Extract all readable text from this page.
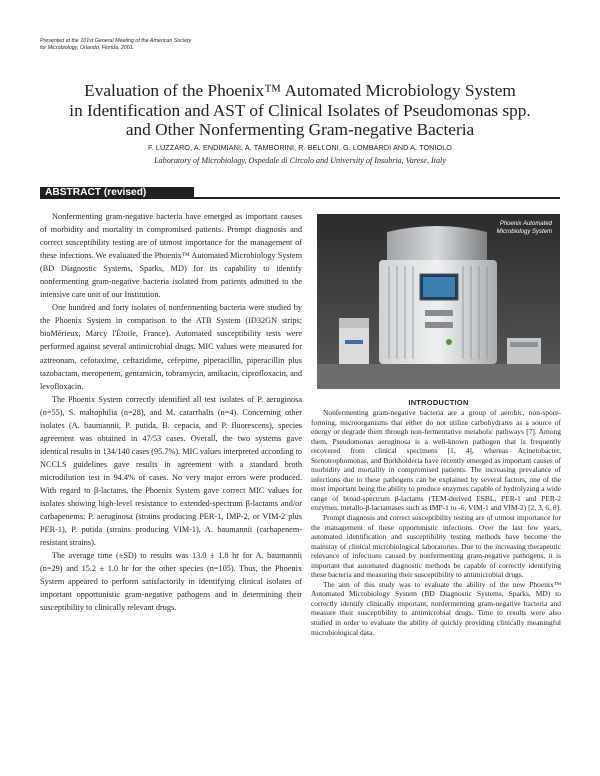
Presented at the 101st General Meeting of the American Society
for Microbiology, Orlando, Florida, 2001.
Evaluation of the Phoenix™ Automated Microbiology System
in Identification and AST of Clinical Isolates of Pseudomonas spp.
and Other Nonfermenting Gram-negative Bacteria
F. LUZZARO, A. ENDIMIANI, A. TAMBORINI, R. BELLONI, G. LOMBARDI AND A. TONIOLO
Laboratory of Microbiology, Ospedale di Circolo and University of Insubria, Varese, Italy
ABSTRACT (revised)

Nonfermenting gram-negative bacteria have emerged as important causes of morbidity and mortality in compromised patients. Prompt diagnosis and correct susceptibility testing are of utmost importance for the management of these infections. We evaluated the Phoenix™ Automated Microbiology System (BD Diagnostic Systems, Sparks, MD) for its capability to identify nonfermenting gram-negative bacteria isolated from patients admitted to the intensive care unit of our Institution.

One hundred and forty isolates of nonfermenting bacteria were studied by the Phoenix System in comparison to the ATB System (ID32GN strips; bioMérieux, Marcy l'Étoile, France). Automated susceptibility tests were performed against several antimicrobial drugs. MIC values were measured for aztreonam, cefotaxime, ceftazidime, cefepime, piperacillin, piperacillin plus tazobactam, meropenem, gentamicin, tobramycin, amikacin, ciprofloxacin, and levofloxacin.

The Phoenix System correctly identified all test isolates of P. aeruginosa (n=55), S. maltophilia (n=28), and M. catarrhalis (n=4). Concerning other isolates (A. baumannii, P. putida, B. cepacia, and P. fluorescens), species agreement was obtained in 47/53 cases. Overall, the two systems gave identical results in 134/140 cases (95.7%). MIC values interpreted according to NCCLS guidelines gave results in agreement with a standard broth microdilution test in 94.4% of cases. No very major errors were produced. With regard to β-lactams, the Phoenix System gave correct MIC values for isolates showing high-level resistance to extended-spectrum β-lactams and/or carbapenems: P. aeruginosa (strains producing PER-1, IMP-2, or VIM-2 plus PER-1), P. putida (strains producing VIM-1), A. baumannii (carbapenem-resistant strains).

The average time (±SD) to results was 13.0 ± 1.8 hr for A. baumannii (n=29) and 15.2 ± 1.0 hr for the other species (n=105). Thus, the Phoenix System appeared to perform satisfactorily in identifying clinical isolates of important opportunistic gram-negative pathogens and in determining their susceptibility to clinically relevant drugs.

Phoenix Automated
Microbiology System
INTRODUCTION

Nonfermenting gram-negative bacteria are a group of aerobic, non-spore-forming, microorganisms that either do not utilize carbohydrates as a source of energy or degrade them through non-fermentative metabolic pathways [7]. Among them, Pseudomonas aeruginosa is a well-known pathogen that is frequently recovered from clinical specimens [1, 4], whereas Acinetobacter, Stenotrophomonas, and Burkholderia have recently emerged as important causes of morbidity and mortality in compromised patients. The increasing prevalance of infections due to these pathogens can be explained by several factors, one of the most important being the ability to produce enzymes capable of hydrolyzing a wide range of broad-spectrum β-lactams (TEM-derived ESBL, PER-1 and PER-2 enzymes, metallo-β-lactamases such as IMP-1 to -6, VIM-1 and VIM-2) [2, 3, 6, 8].

Prompt diagnosis and correct susceptibility testing are of utmost importance for the management of these opportunistic infections. Over the last few years, automated identification and susceptibility testing methods have become the mainstay of clinical microbiological laboratories. Due to the increasing therapeutic relevance of infections caused by nonfermenting gram-negative pathogens, it is important that automated diagnostic methods be capable of correctly identifying these bacteria and measuring their susceptibility to antimicrobial drugs.

The aim of this study was to evaluate the ability of the new Phoenix™ Automated Microbiology System (BD Diagnostic Systems, Sparks, MD) to correctly identify clinically important, nonfermenting gram-negative bacteria and measure their susceptibility to antimicrobial drugs. Time to results were also studied in order to evaluate the ability of quickly providing clinically meaningful microbiological data.
